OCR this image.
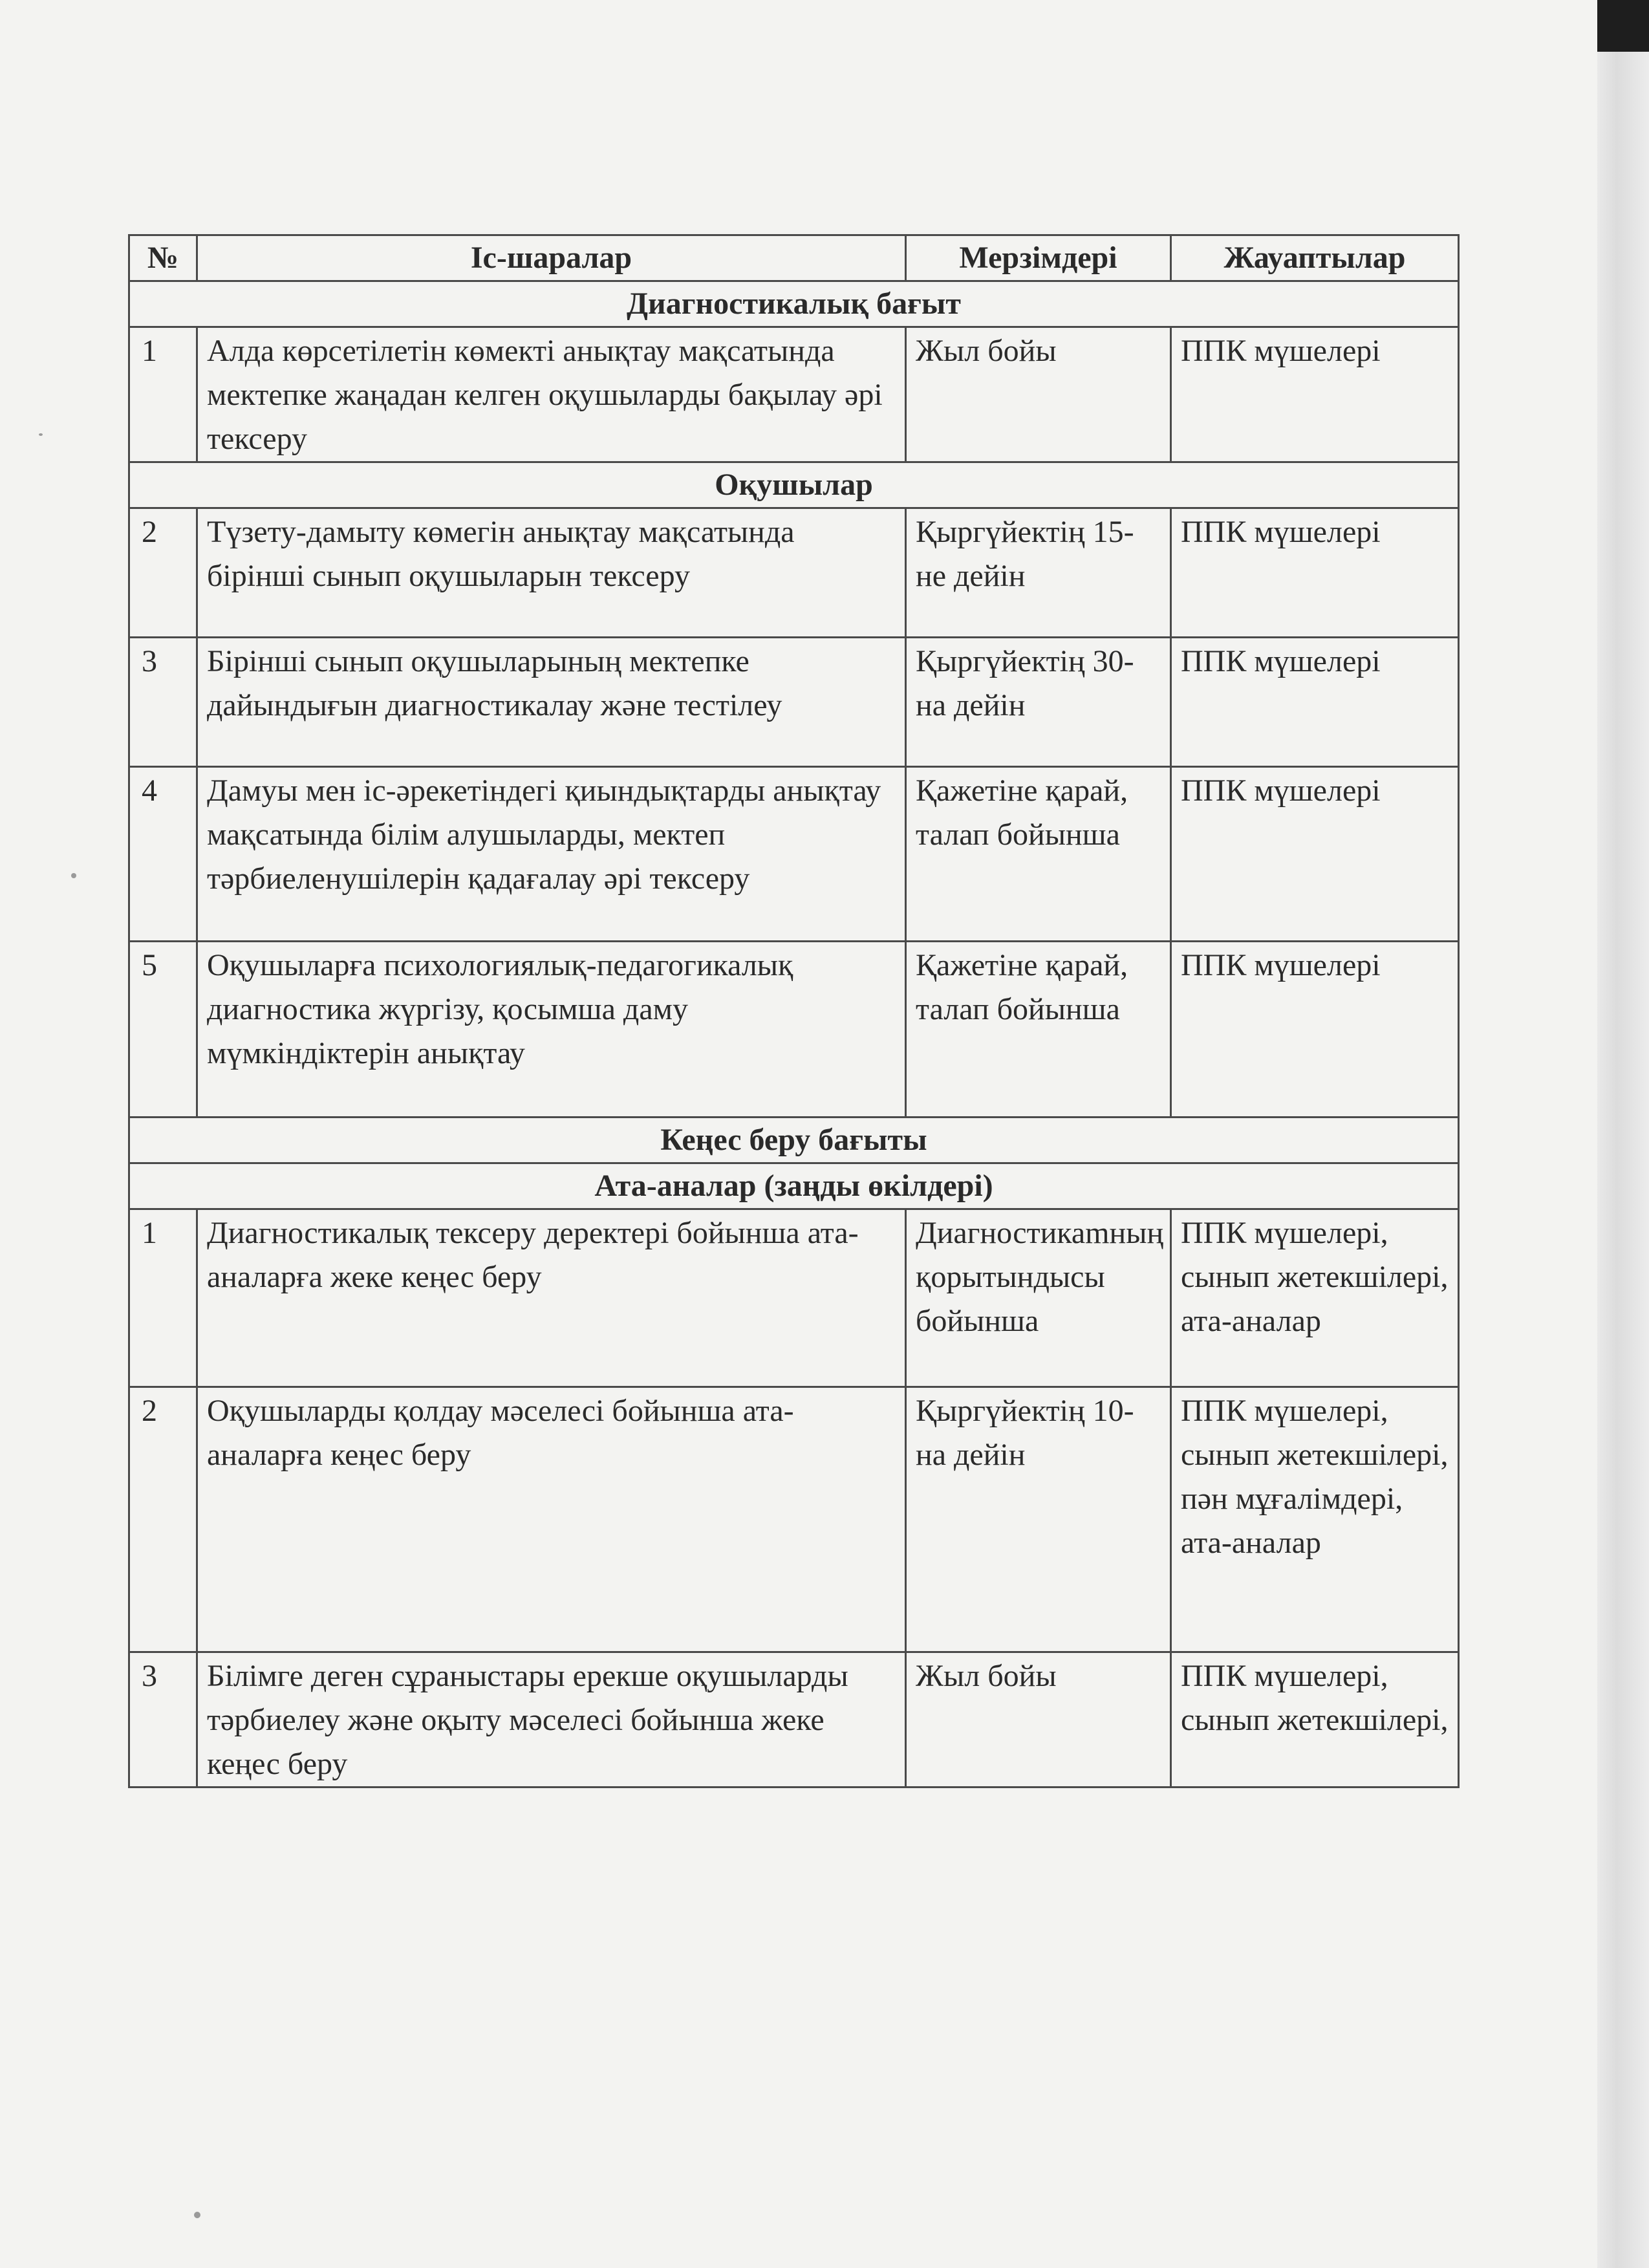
№	Іс-шаралар	Мерзімдері	Жауаптылар
Диагностикалық бағыт			
1	Алда көрсетілетін көмекті анықтау мақсатында мектепке жаңадан келген оқушыларды бақылау әрі тексеру	Жыл бойы	ППК мүшелері
Оқушылар			
2	Түзету-дамыту көмегін анықтау мақсатында бірінші сынып оқушыларын тексеру	Қыргүйектің 15-не дейін	ППК мүшелері
3	Бірінші сынып оқушыларының мектепке дайындығын диагностикалау және тестілеу	Қыргүйектің 30-на дейін	ППК мүшелері
4	Дамуы мен іс-әрекетіндегі қиындықтарды анықтау мақсатында білім алушыларды, мектеп тәрбиеленушілерін қадағалау әрі тексеру	Қажетіне қарай, талап бойынша	ППК мүшелері
5	Оқушыларға психологиялық-педагогикалық диагностика жүргізу, қосымша даму мүмкіндіктерін анықтау	Қажетіне қарай, талап бойынша	ППК мүшелері
Кеңес беру бағыты			
Ата-аналар (заңды өкілдері)			
1	Диагностикалық тексеру деректері бойынша ата-аналарға жеке кеңес беру	Диагностикаmның қорытындысы бойынша	ППК мүшелері, сынып жетекшілері, ата-аналар
2	Оқушыларды қолдау мәселесі бойынша ата-аналарға кеңес беру	Қыргүйектің 10-на дейін	ППК мүшелері, сынып жетекшілері, пән мұғалімдері, ата-аналар
3	Білімге деген сұраныстары ерекше оқушыларды тәрбиелеу және оқыту мәселесі бойынша жеке кеңес беру	Жыл бойы	ППК мүшелері, сынып жетекшілері,
